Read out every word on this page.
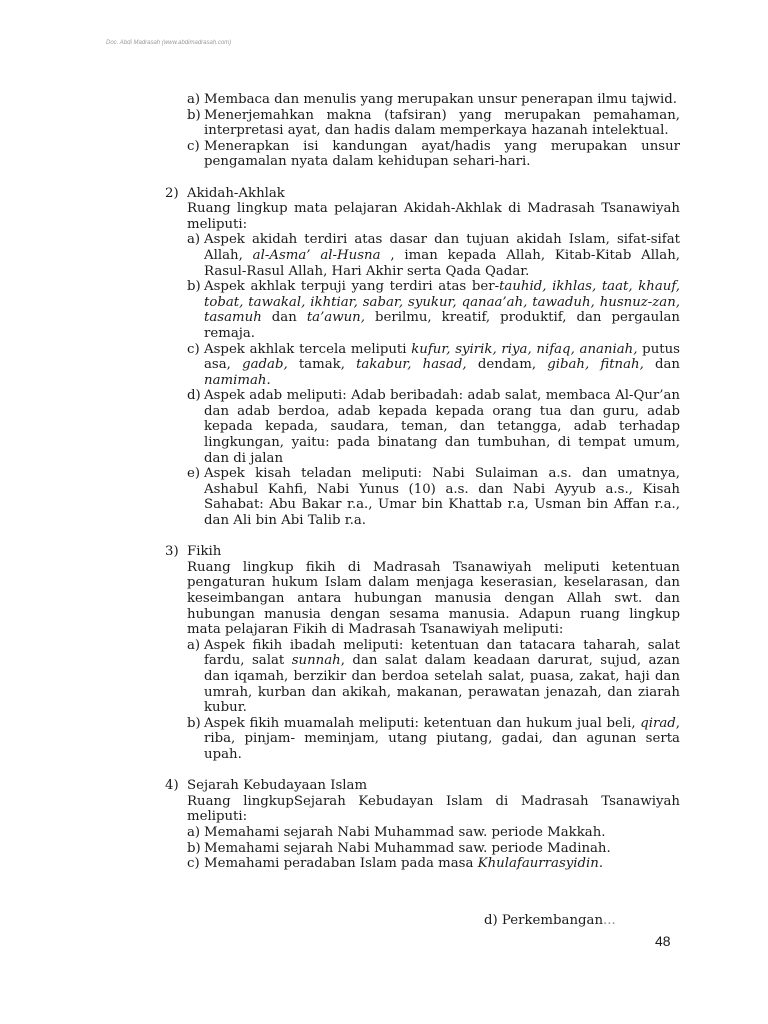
Doc. Abdi Madrasah (www.abdimadrasah.com)
a) Membaca dan menulis yang merupakan unsur penerapan ilmu tajwid.
b) Menerjemahkan makna (tafsiran) yang merupakan pemahaman, interpretasi ayat, dan hadis dalam memperkaya hazanah intelektual.
c) Menerapkan isi kandungan ayat/hadis yang merupakan unsur pengamalan nyata dalam kehidupan sehari-hari.
2) Akidah-Akhlak
Ruang lingkup mata pelajaran Akidah-Akhlak di Madrasah Tsanawiyah meliputi:
a) Aspek akidah terdiri atas dasar dan tujuan akidah Islam, sifat-sifat Allah, al-Asma’ al-Husna , iman kepada Allah, Kitab-Kitab Allah, Rasul-Rasul Allah, Hari Akhir serta Qada Qadar.
b) Aspek akhlak terpuji yang terdiri atas ber-tauhid, ikhlas, taat, khauf, tobat, tawakal, ikhtiar, sabar, syukur, qanaa’ah, tawaduh, husnuz-zan, tasamuh dan ta’awun, berilmu, kreatif, produktif, dan pergaulan remaja.
c) Aspek akhlak tercela meliputi kufur, syirik, riya, nifaq, ananiah, putus asa, gadab, tamak, takabur, hasad, dendam, gibah, fitnah, dan namimah.
d) Aspek adab meliputi: Adab beribadah: adab salat, membaca Al-Qur’an dan adab berdoa, adab kepada kepada orang tua dan guru, adab kepada kepada, saudara, teman, dan tetangga, adab terhadap lingkungan, yaitu: pada binatang dan tumbuhan, di tempat umum, dan di jalan
e) Aspek kisah teladan meliputi: Nabi Sulaiman a.s. dan umatnya, Ashabul Kahfi, Nabi Yunus (10) a.s. dan Nabi Ayyub a.s., Kisah Sahabat: Abu Bakar r.a., Umar bin Khattab r.a, Usman bin Affan r.a., dan Ali bin Abi Talib r.a.
3) Fikih
Ruang lingkup fikih di Madrasah Tsanawiyah meliputi ketentuan pengaturan hukum Islam dalam menjaga keserasian, keselarasan, dan keseimbangan antara hubungan manusia dengan Allah swt. dan hubungan manusia dengan sesama manusia. Adapun ruang lingkup mata pelajaran Fikih di Madrasah Tsanawiyah meliputi:
a) Aspek fikih ibadah meliputi: ketentuan dan tatacara taharah, salat fardu, salat sunnah, dan salat dalam keadaan darurat, sujud, azan dan iqamah, berzikir dan berdoa setelah salat, puasa, zakat, haji dan umrah, kurban dan akikah, makanan, perawatan jenazah, dan ziarah kubur.
b) Aspek fikih muamalah meliputi: ketentuan dan hukum jual beli, qirad, riba, pinjam- meminjam, utang piutang, gadai, dan agunan serta upah.
4) Sejarah Kebudayaan Islam
Ruang lingkupSejarah Kebudayan Islam di Madrasah Tsanawiyah meliputi:
a) Memahami sejarah Nabi Muhammad saw. periode Makkah.
b) Memahami sejarah Nabi Muhammad saw. periode Madinah.
c) Memahami peradaban Islam pada masa Khulafaurrasyidin.
d) Perkembangan...
48
